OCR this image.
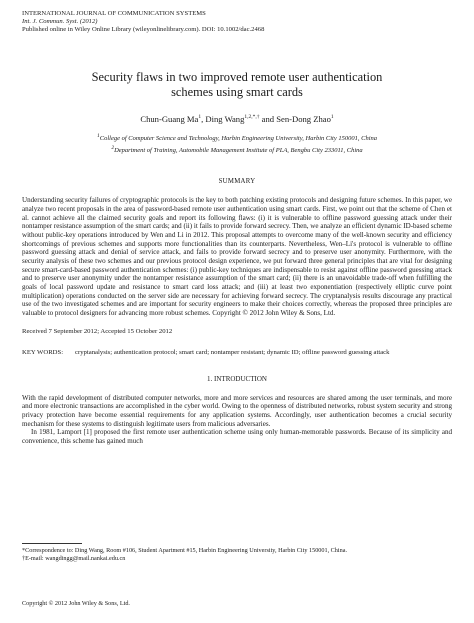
INTERNATIONAL JOURNAL OF COMMUNICATION SYSTEMS
Int. J. Commun. Syst. (2012)
Published online in Wiley Online Library (wileyonlinelibrary.com). DOI: 10.1002/dac.2468
Security flaws in two improved remote user authentication
schemes using smart cards
Chun-Guang Ma$^1$, Ding Wang$^{1,2,*,\dagger}$ and Sen-Dong Zhao$^1$
$^1$College of Computer Science and Technology, Harbin Engineering University, Harbin City 150001, China
$^2$Department of Training, Automobile Management Institute of PLA, Bengbu City 233011, China
SUMMARY
Understanding security failures of cryptographic protocols is the key to both patching existing protocols and designing future schemes. In this paper, we analyze two recent proposals in the area of password-based remote user authentication using smart cards. First, we point out that the scheme of Chen et al. cannot achieve all the claimed security goals and report its following flaws: (i) it is vulnerable to offline password guessing attack under their nontamper resistance assumption of the smart cards; and (ii) it fails to provide forward secrecy. Then, we analyze an efficient dynamic ID-based scheme without public-key operations introduced by Wen and Li in 2012. This proposal attempts to overcome many of the well-known security and efficiency shortcomings of previous schemes and supports more functionalities than its counterparts. Nevertheless, Wen–Li's protocol is vulnerable to offline password guessing attack and denial of service attack, and fails to provide forward secrecy and to preserve user anonymity. Furthermore, with the security analysis of these two schemes and our previous protocol design experience, we put forward three general principles that are vital for designing secure smart-card-based password authentication schemes: (i) public-key techniques are indispensable to resist against offline password guessing attack and to preserve user anonymity under the nontamper resistance assumption of the smart card; (ii) there is an unavoidable trade-off when fulfilling the goals of local password update and resistance to smart card loss attack; and (iii) at least two exponentiation (respectively elliptic curve point multiplication) operations conducted on the server side are necessary for achieving forward secrecy. The cryptanalysis results discourage any practical use of the two investigated schemes and are important for security engineers to make their choices correctly, whereas the proposed three principles are valuable to protocol designers for advancing more robust schemes. Copyright © 2012 John Wiley & Sons, Ltd.
Received 7 September 2012; Accepted 15 October 2012
KEY WORDS:	cryptanalysis; authentication protocol; smart card; nontamper resistant; dynamic ID; offline password guessing attack
1. INTRODUCTION

With the rapid development of distributed computer networks, more and more services and resources are shared among the user terminals, and more and more electronic transactions are accomplished in the cyber world. Owing to the openness of distributed networks, robust system security and strong privacy protection have become essential requirements for any application systems. Accordingly, user authentication becomes a crucial security mechanism for these systems to distinguish legitimate users from malicious adversaries.

In 1981, Lamport [1] proposed the first remote user authentication scheme using only human-memorable passwords. Because of its simplicity and convenience, this scheme has gained much

*Correspondence to: Ding Wang, Room #106, Student Apartment #15, Harbin Engineering University, Harbin City 150001, China.
†E-mail: wangdingg@mail.nankai.edu.cn
Copyright © 2012 John Wiley & Sons, Ltd.
